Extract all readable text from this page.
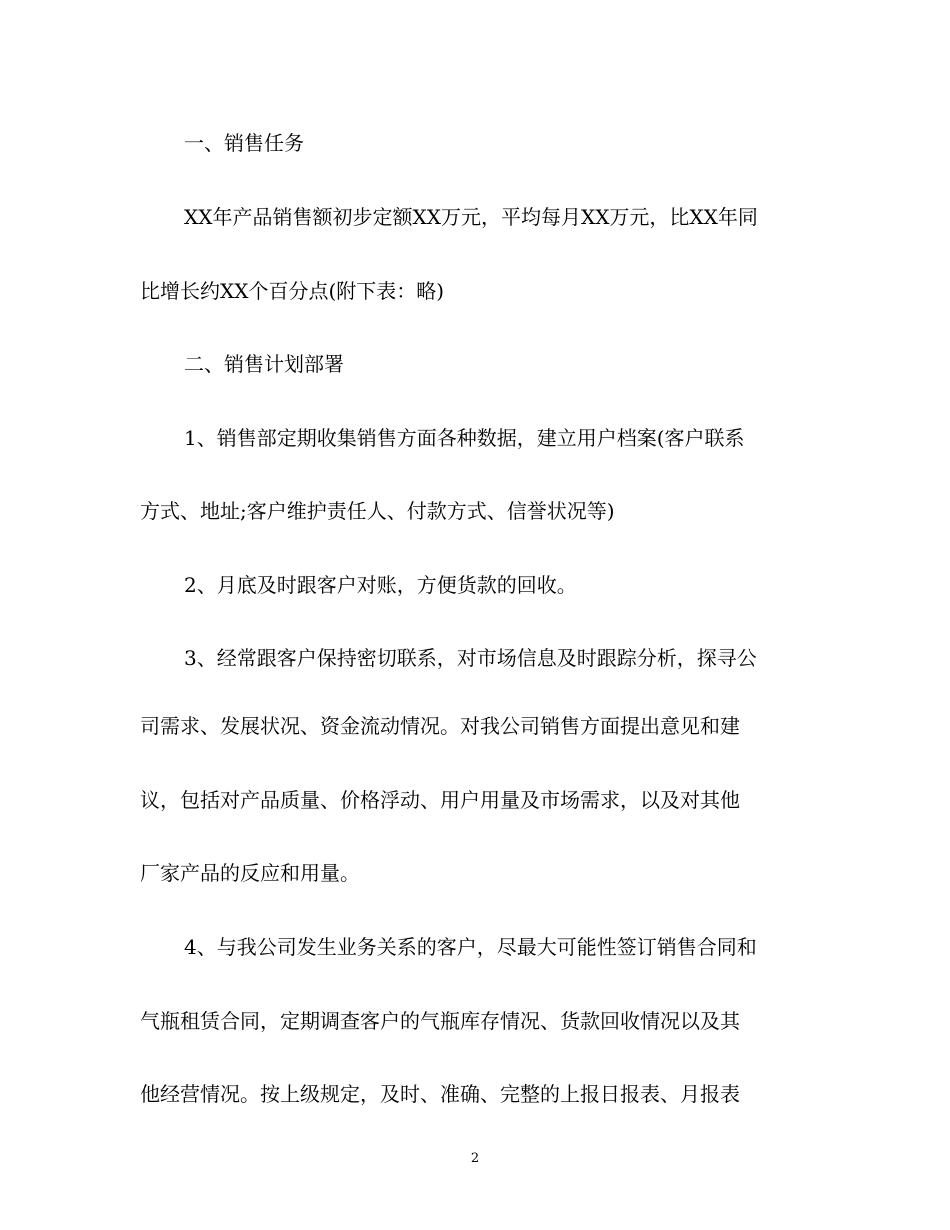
一、销售任务
XX年产品销售额初步定额XX万元，平均每月XX万元，比XX年同
比增长约XX个百分点(附下表：略)
二、销售计划部署
1、销售部定期收集销售方面各种数据，建立用户档案(客户联系
方式、地址;客户维护责任人、付款方式、信誉状况等)
2、月底及时跟客户对账，方便货款的回收。
3、经常跟客户保持密切联系，对市场信息及时跟踪分析，探寻公
司需求、发展状况、资金流动情况。对我公司销售方面提出意见和建
议，包括对产品质量、价格浮动、用户用量及市场需求，以及对其他
厂家产品的反应和用量。
4、与我公司发生业务关系的客户，尽最大可能性签订销售合同和
气瓶租赁合同，定期调查客户的气瓶库存情况、货款回收情况以及其
他经营情况。按上级规定，及时、准确、完整的上报日报表、月报表
2
